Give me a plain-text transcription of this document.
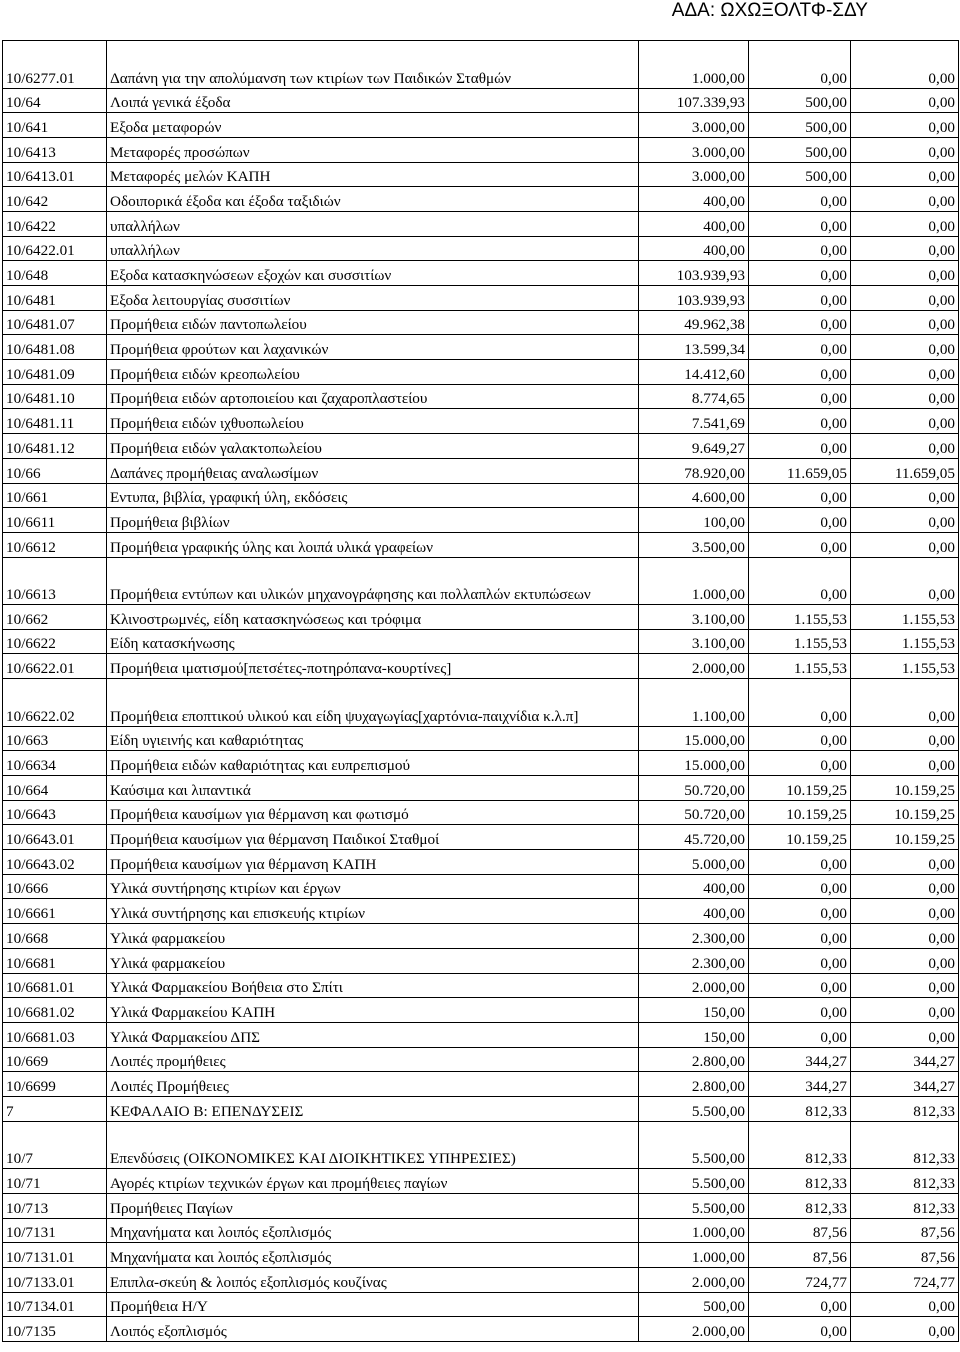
ΑΔΑ: ΩΧΩΞΟΛΤΦ-ΣΔΥ
10/6277.01	Δαπάνη για την απολύμανση των κτιρίων των Παιδικών Σταθμών	1.000,00	0,00	0,00
10/64	Λοιπά γενικά έξοδα	107.339,93	500,00	0,00
10/641	Εξοδα μεταφορών	3.000,00	500,00	0,00
10/6413	Μεταφορές προσώπων	3.000,00	500,00	0,00
10/6413.01	Μεταφορές μελών ΚΑΠΗ	3.000,00	500,00	0,00
10/642	Οδοιπορικά έξοδα και έξοδα ταξιδιών	400,00	0,00	0,00
10/6422	υπαλλήλων	400,00	0,00	0,00
10/6422.01	υπαλλήλων	400,00	0,00	0,00
10/648	Εξοδα κατασκηνώσεων εξοχών και συσσιτίων	103.939,93	0,00	0,00
10/6481	Εξοδα λειτουργίας συσσιτίων	103.939,93	0,00	0,00
10/6481.07	Προμήθεια ειδών παντοπωλείου	49.962,38	0,00	0,00
10/6481.08	Προμήθεια φρούτων και λαχανικών	13.599,34	0,00	0,00
10/6481.09	Προμήθεια ειδών κρεοπωλείου	14.412,60	0,00	0,00
10/6481.10	Προμήθεια ειδών αρτοποιείου και ζαχαροπλαστείου	8.774,65	0,00	0,00
10/6481.11	Προμήθεια ειδών ιχθυοπωλείου	7.541,69	0,00	0,00
10/6481.12	Προμήθεια ειδών γαλακτοπωλείου	9.649,27	0,00	0,00
10/66	Δαπάνες προμήθειας αναλωσίμων	78.920,00	11.659,05	11.659,05
10/661	Εντυπα, βιβλία, γραφική ύλη, εκδόσεις	4.600,00	0,00	0,00
10/6611	Προμήθεια βιβλίων	100,00	0,00	0,00
10/6612	Προμήθεια γραφικής ύλης και λοιπά υλικά γραφείων	3.500,00	0,00	0,00
10/6613	Προμήθεια εντύπων και υλικών μηχανογράφησης και πολλαπλών εκτυπώσεων	1.000,00	0,00	0,00
10/662	Κλινοστρωμνές, είδη κατασκηνώσεως και τρόφιμα	3.100,00	1.155,53	1.155,53
10/6622	Είδη κατασκήνωσης	3.100,00	1.155,53	1.155,53
10/6622.01	Προμήθεια ιματισμού[πετσέτες-ποτηρόπανα-κουρτίνες]	2.000,00	1.155,53	1.155,53
10/6622.02	Προμήθεια εποπτικού υλικού και είδη ψυχαγωγίας[χαρτόνια-παιχνίδια κ.λ.π]	1.100,00	0,00	0,00
10/663	Είδη υγιεινής και καθαριότητας	15.000,00	0,00	0,00
10/6634	Προμήθεια ειδών καθαριότητας και ευπρεπισμού	15.000,00	0,00	0,00
10/664	Καύσιμα και λιπαντικά	50.720,00	10.159,25	10.159,25
10/6643	Προμήθεια καυσίμων για θέρμανση και φωτισμό	50.720,00	10.159,25	10.159,25
10/6643.01	Προμήθεια καυσίμων για θέρμανση Παιδικοί Σταθμοί	45.720,00	10.159,25	10.159,25
10/6643.02	Προμήθεια καυσίμων για θέρμανση ΚΑΠΗ	5.000,00	0,00	0,00
10/666	Υλικά συντήρησης κτιρίων και έργων	400,00	0,00	0,00
10/6661	Υλικά συντήρησης και επισκευής κτιρίων	400,00	0,00	0,00
10/668	Υλικά φαρμακείου	2.300,00	0,00	0,00
10/6681	Υλικά φαρμακείου	2.300,00	0,00	0,00
10/6681.01	Υλικά Φαρμακείου Βοήθεια στο Σπίτι	2.000,00	0,00	0,00
10/6681.02	Υλικά Φαρμακείου ΚΑΠΗ	150,00	0,00	0,00
10/6681.03	Υλικά Φαρμακείου ΔΠΣ	150,00	0,00	0,00
10/669	Λοιπές προμήθειες	2.800,00	344,27	344,27
10/6699	Λοιπές Προμήθειες	2.800,00	344,27	344,27
7	ΚΕΦΑΛΑΙΟ Β: ΕΠΕΝΔΥΣΕΙΣ	5.500,00	812,33	812,33
10/7	Επενδύσεις (ΟΙΚΟΝΟΜΙΚΕΣ ΚΑΙ ΔΙΟΙΚΗΤΙΚΕΣ ΥΠΗΡΕΣΙΕΣ)	5.500,00	812,33	812,33
10/71	Αγορές κτιρίων τεχνικών έργων και προμήθειες παγίων	5.500,00	812,33	812,33
10/713	Προμήθειες Παγίων	5.500,00	812,33	812,33
10/7131	Μηχανήματα και λοιπός εξοπλισμός	1.000,00	87,56	87,56
10/7131.01	Μηχανήματα και λοιπός εξοπλισμός	1.000,00	87,56	87,56
10/7133.01	Επιπλα-σκεύη & λοιπός εξοπλισμός κουζίνας	2.000,00	724,77	724,77
10/7134.01	Προμήθεια Η/Υ	500,00	0,00	0,00
10/7135	Λοιπός εξοπλισμός	2.000,00	0,00	0,00
